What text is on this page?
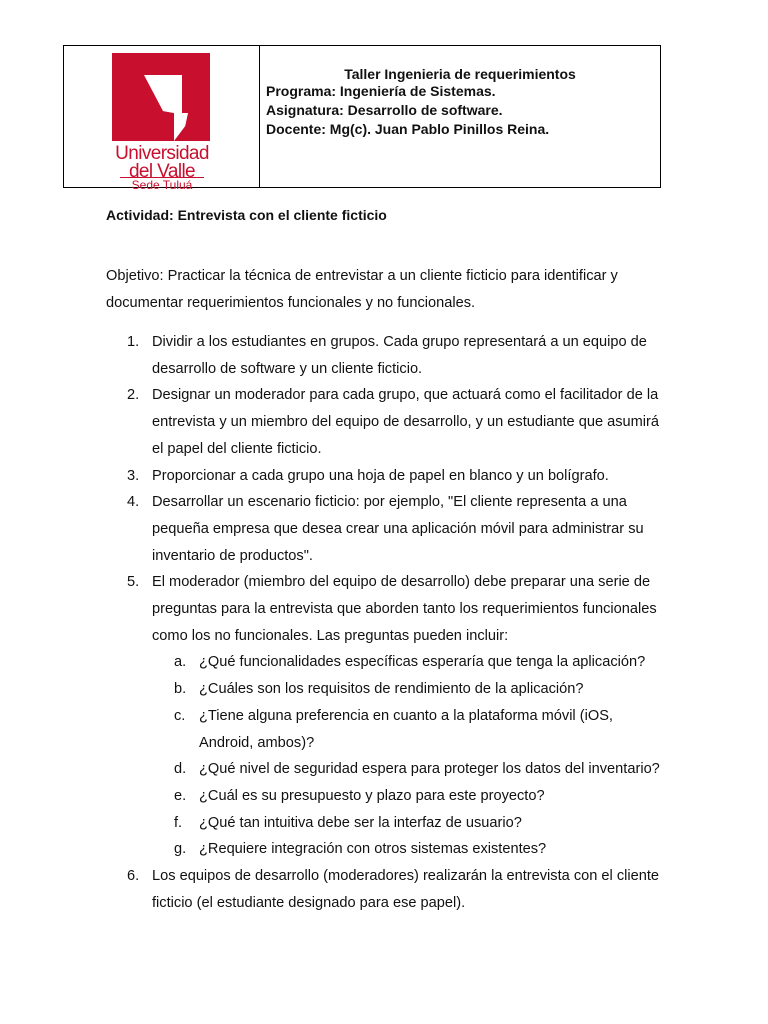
Universidad
del Valle
Sede Tuluá
Taller Ingenieria de requerimientos
Programa: Ingeniería de Sistemas.
Asignatura: Desarrollo de software.
Docente: Mg(c). Juan Pablo Pinillos Reina.
Actividad: Entrevista con el cliente ficticio
Objetivo: Practicar la técnica de entrevistar a un cliente ficticio para identificar y documentar requerimientos funcionales y no funcionales.
1. Dividir a los estudiantes en grupos. Cada grupo representará a un equipo de desarrollo de software y un cliente ficticio.
2. Designar un moderador para cada grupo, que actuará como el facilitador de la entrevista y un miembro del equipo de desarrollo, y un estudiante que asumirá el papel del cliente ficticio.
3. Proporcionar a cada grupo una hoja de papel en blanco y un bolígrafo.
4. Desarrollar un escenario ficticio: por ejemplo, "El cliente representa a una pequeña empresa que desea crear una aplicación móvil para administrar su inventario de productos".
5. El moderador (miembro del equipo de desarrollo) debe preparar una serie de preguntas para la entrevista que aborden tanto los requerimientos funcionales como los no funcionales. Las preguntas pueden incluir:
a. ¿Qué funcionalidades específicas esperaría que tenga la aplicación?
b. ¿Cuáles son los requisitos de rendimiento de la aplicación?
c. ¿Tiene alguna preferencia en cuanto a la plataforma móvil (iOS, Android, ambos)?
d. ¿Qué nivel de seguridad espera para proteger los datos del inventario?
e. ¿Cuál es su presupuesto y plazo para este proyecto?
f. ¿Qué tan intuitiva debe ser la interfaz de usuario?
g. ¿Requiere integración con otros sistemas existentes?
6. Los equipos de desarrollo (moderadores) realizarán la entrevista con el cliente ficticio (el estudiante designado para ese papel).
